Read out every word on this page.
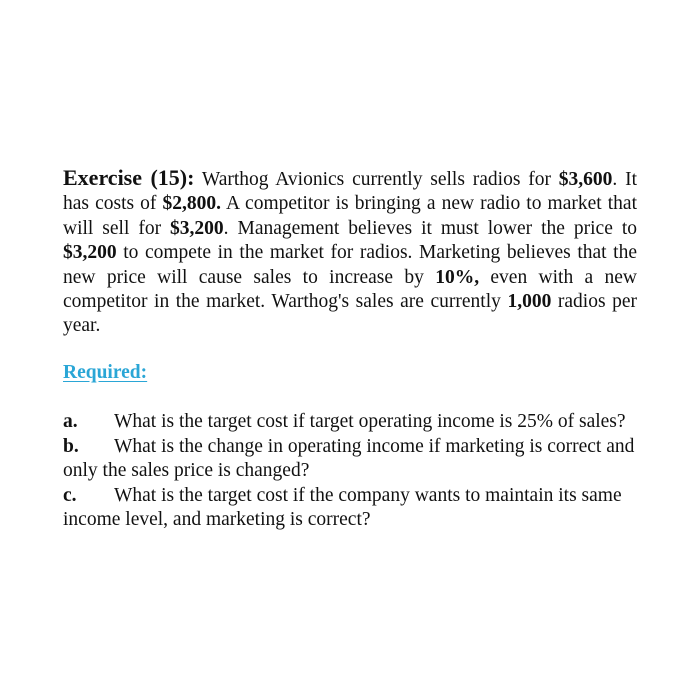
Exercise (15): Warthog Avionics currently sells radios for $3,600. It has costs of $2,800. A competitor is bringing a new radio to market that will sell for $3,200. Management believes it must lower the price to $3,200 to compete in the market for radios. Marketing believes that the new price will cause sales to increase by 10%, even with a new competitor in the market. Warthog's sales are currently 1,000 radios per year.
Required:

a. What is the target cost if target operating income is 25% of sales?

b. What is the change in operating income if marketing is correct and only the sales price is changed?

c. What is the target cost if the company wants to maintain its same income level, and marketing is correct?
